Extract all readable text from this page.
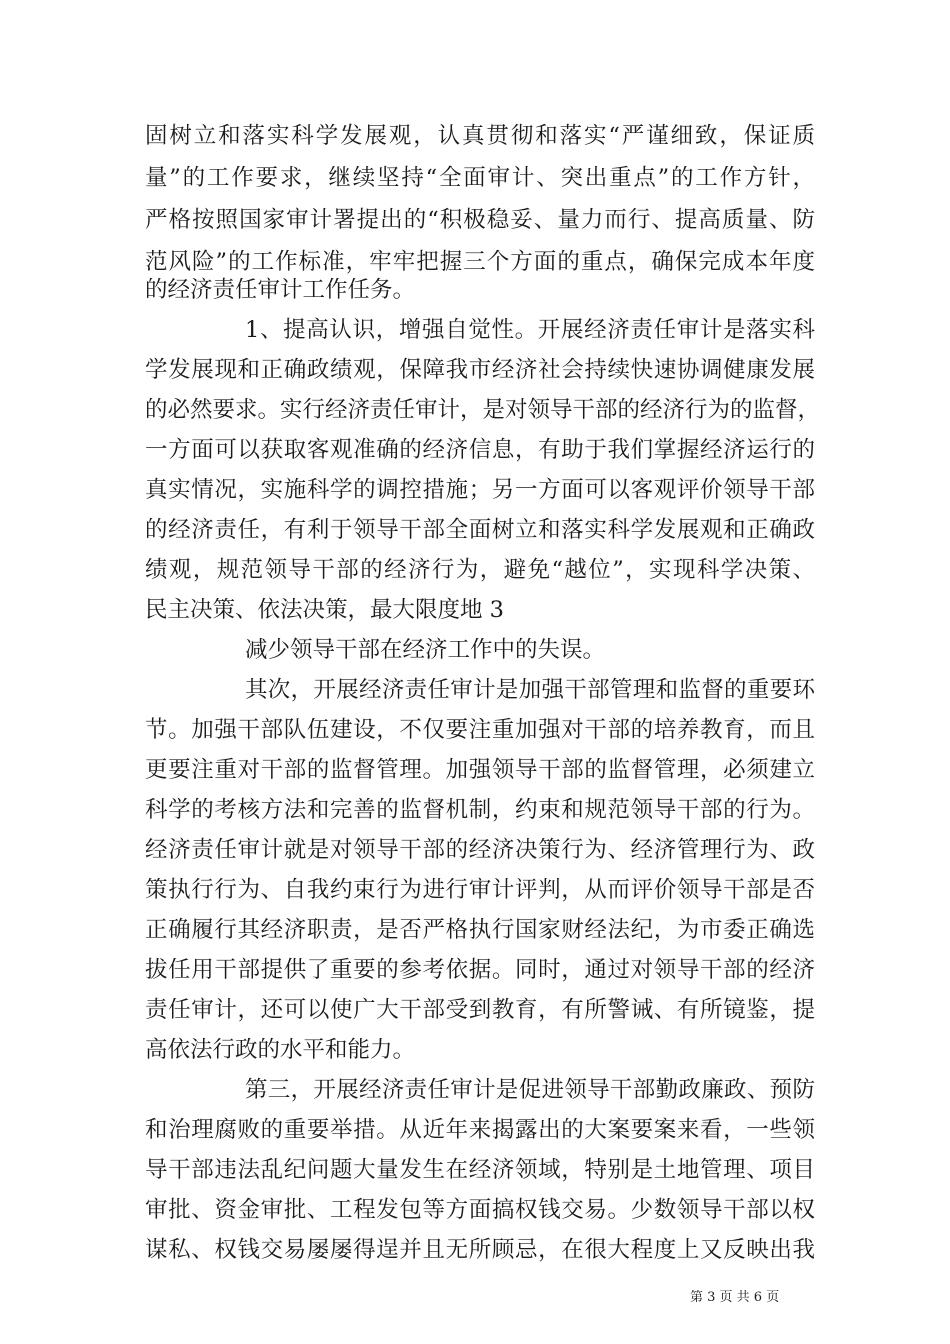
固树立和落实科学发展观，认真贯彻和落实“严谨细致，保证质
量”的工作要求，继续坚持“全面审计、突出重点”的工作方针，
严格按照国家审计署提出的“积极稳妥、量力而行、提高质量、防
范风险”的工作标准，牢牢把握三个方面的重点，确保完成本年度
的经济责任审计工作任务。
1、提高认识，增强自觉性。开展经济责任审计是落实科
学发展现和正确政绩观，保障我市经济社会持续快速协调健康发展
的必然要求。实行经济责任审计，是对领导干部的经济行为的监督，
一方面可以获取客观准确的经济信息，有助于我们掌握经济运行的
真实情况，实施科学的调控措施；另一方面可以客观评价领导干部
的经济责任，有利于领导干部全面树立和落实科学发展观和正确政
绩观，规范领导干部的经济行为，避免“越位”，实现科学决策、
民主决策、依法决策，最大限度地 3
减少领导干部在经济工作中的失误。
其次，开展经济责任审计是加强干部管理和监督的重要环
节。加强干部队伍建设，不仅要注重加强对干部的培养教育，而且
更要注重对干部的监督管理。加强领导干部的监督管理，必须建立
科学的考核方法和完善的监督机制，约束和规范领导干部的行为。
经济责任审计就是对领导干部的经济决策行为、经济管理行为、政
策执行行为、自我约束行为进行审计评判，从而评价领导干部是否
正确履行其经济职责，是否严格执行国家财经法纪，为市委正确选
拔任用干部提供了重要的参考依据。同时，通过对领导干部的经济
责任审计，还可以使广大干部受到教育，有所警诫、有所镜鉴，提
高依法行政的水平和能力。
第三，开展经济责任审计是促进领导干部勤政廉政、预防
和治理腐败的重要举措。从近年来揭露出的大案要案来看，一些领
导干部违法乱纪问题大量发生在经济领域，特别是土地管理、项目
审批、资金审批、工程发包等方面搞权钱交易。少数领导干部以权
谋私、权钱交易屡屡得逞并且无所顾忌，在很大程度上又反映出我
第 3 页 共 6 页
